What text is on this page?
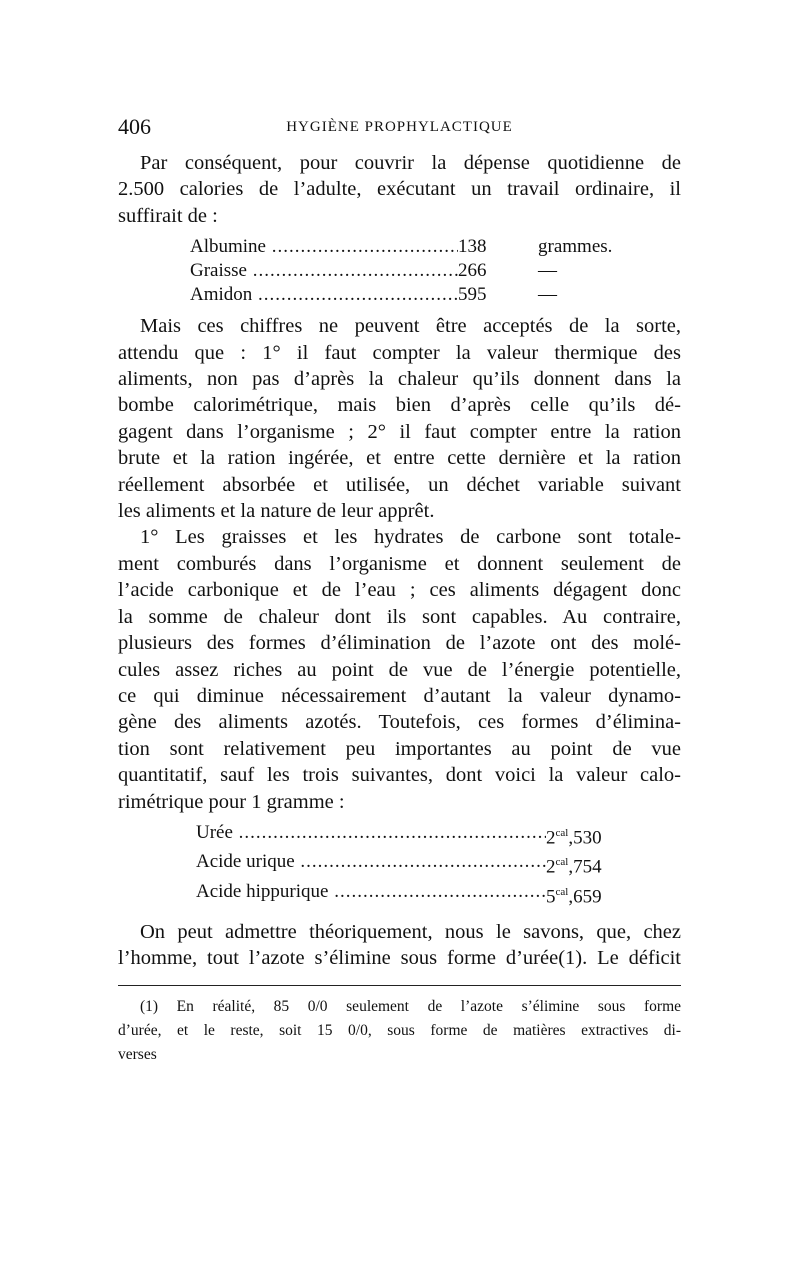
406	HYGIÈNE PROPHYLACTIQUE

Par conséquent, pour couvrir la dépense quotidienne de
2.500 calories de l’adulte, exécutant un travail ordinaire, il
suffirait de :

Albumine .....	138	grammes.
Graisse .....	266	—
Amidon .....	595	—

Mais ces chiffres ne peuvent être acceptés de la sorte,
attendu que : 1° il faut compter la valeur thermique des
aliments, non pas d’après la chaleur qu’ils donnent dans la
bombe calorimétrique, mais bien d’après celle qu’ils dé-
gagent dans l’organisme ; 2° il faut compter entre la ration
brute et la ration ingérée, et entre cette dernière et la ration
réellement absorbée et utilisée, un déchet variable suivant
les aliments et la nature de leur apprêt.

1° Les graisses et les hydrates de carbone sont totale-
ment comburés dans l’organisme et donnent seulement de
l’acide carbonique et de l’eau ; ces aliments dégagent donc
la somme de chaleur dont ils sont capables. Au contraire,
plusieurs des formes d’élimination de l’azote ont des molé-
cules assez riches au point de vue de l’énergie potentielle,
ce qui diminue nécessairement d’autant la valeur dynamo-
gène des aliments azotés. Toutefois, ces formes d’élimina-
tion sont relativement peu importantes au point de vue
quantitatif, sauf les trois suivantes, dont voici la valeur calo-
rimétrique pour 1 gramme :

Urée .....	$2^{cal},530$
Acide urique .....	$2^{cal},754$
Acide hippurique .....	$5^{cal},659$

On peut admettre théoriquement, nous le savons, que, chez
l’homme, tout l’azote s’élimine sous forme d’urée(1). Le déficit

(1) En réalité, 85 0/0 seulement de l’azote s’élimine sous forme
d’urée, et le reste, soit 15 0/0, sous forme de matières extractives di-
verses
